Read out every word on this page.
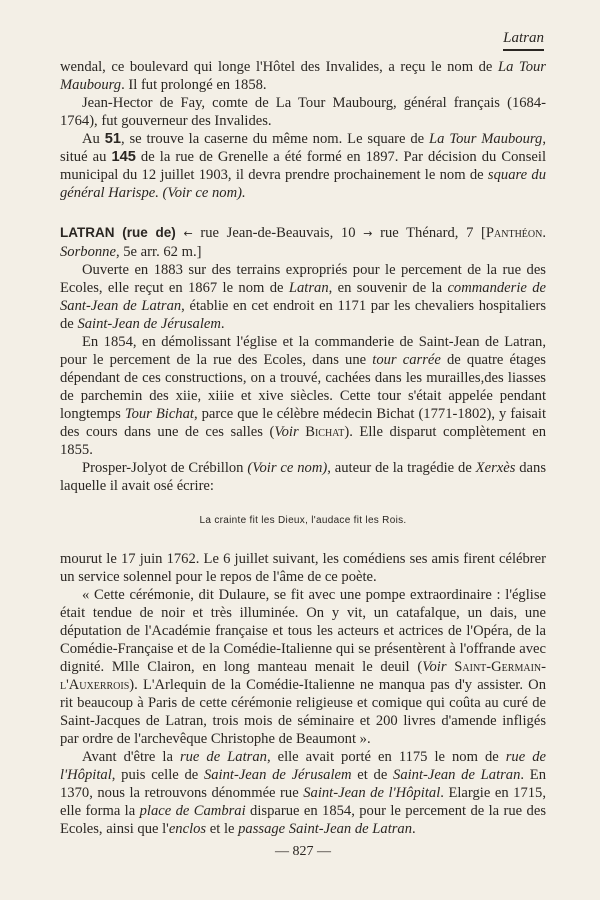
Latran

wendal, ce boulevard qui longe l'Hôtel des Invalides, a reçu le nom de La Tour Maubourg. Il fut prolongé en 1858.

Jean-Hector de Fay, comte de La Tour Maubourg, général français (1684-1764), fut gouverneur des Invalides.

Au 51, se trouve la caserne du même nom. Le square de La Tour Maubourg, situé au 145 de la rue de Grenelle a été formé en 1897. Par décision du Conseil municipal du 12 juillet 1903, il devra prendre prochainement le nom de square du général Harispe. (Voir ce nom).

LATRAN (rue de) ← rue Jean-de-Beauvais, 10 → rue Thénard, 7 [Panthéon. Sorbonne, 5e arr. 62 m.]

Ouverte en 1883 sur des terrains expropriés pour le percement de la rue des Ecoles, elle reçut en 1867 le nom de Latran, en souvenir de la commanderie de Sant-Jean de Latran, établie en cet endroit en 1171 par les chevaliers hospitaliers de Saint-Jean de Jérusalem.

En 1854, en démolissant l'église et la commanderie de Saint-Jean de Latran, pour le percement de la rue des Ecoles, dans une tour carrée de quatre étages dépendant de ces constructions, on a trouvé, cachées dans les murailles,des liasses de parchemin des xiie, xiiie et xive siècles. Cette tour s'était appelée pendant longtemps Tour Bichat, parce que le célèbre médecin Bichat (1771-1802), y faisait des cours dans une de ces salles (Voir Bichat). Elle disparut complètement en 1855.

Prosper-Jolyot de Crébillon (Voir ce nom), auteur de la tragédie de Xerxès dans laquelle il avait osé écrire:

La crainte fit les Dieux, l'audace fit les Rois.

mourut le 17 juin 1762. Le 6 juillet suivant, les comédiens ses amis firent célébrer un service solennel pour le repos de l'âme de ce poète.

« Cette cérémonie, dit Dulaure, se fit avec une pompe extraordinaire : l'église était tendue de noir et très illuminée. On y vit, un catafalque, un dais, une députation de l'Académie française et tous les acteurs et actrices de l'Opéra, de la Comédie-Française et de la Comédie-Italienne qui se présentèrent à l'offrande avec dignité. Mlle Clairon, en long manteau menait le deuil (Voir Saint-Germain-l'Auxerrois). L'Arlequin de la Comédie-Italienne ne manqua pas d'y assister. On rit beaucoup à Paris de cette cérémonie religieuse et comique qui coûta au curé de Saint-Jacques de Latran, trois mois de séminaire et 200 livres d'amende infligés par ordre de l'archevêque Christophe de Beaumont ».

Avant d'être la rue de Latran, elle avait porté en 1175 le nom de rue de l'Hôpital, puis celle de Saint-Jean de Jérusalem et de Saint-Jean de Latran. En 1370, nous la retrouvons dénommée rue Saint-Jean de l'Hôpital. Elargie en 1715, elle forma la place de Cambrai disparue en 1854, pour le percement de la rue des Ecoles, ainsi que l'enclos et le passage Saint-Jean de Latran.

— 827 —
